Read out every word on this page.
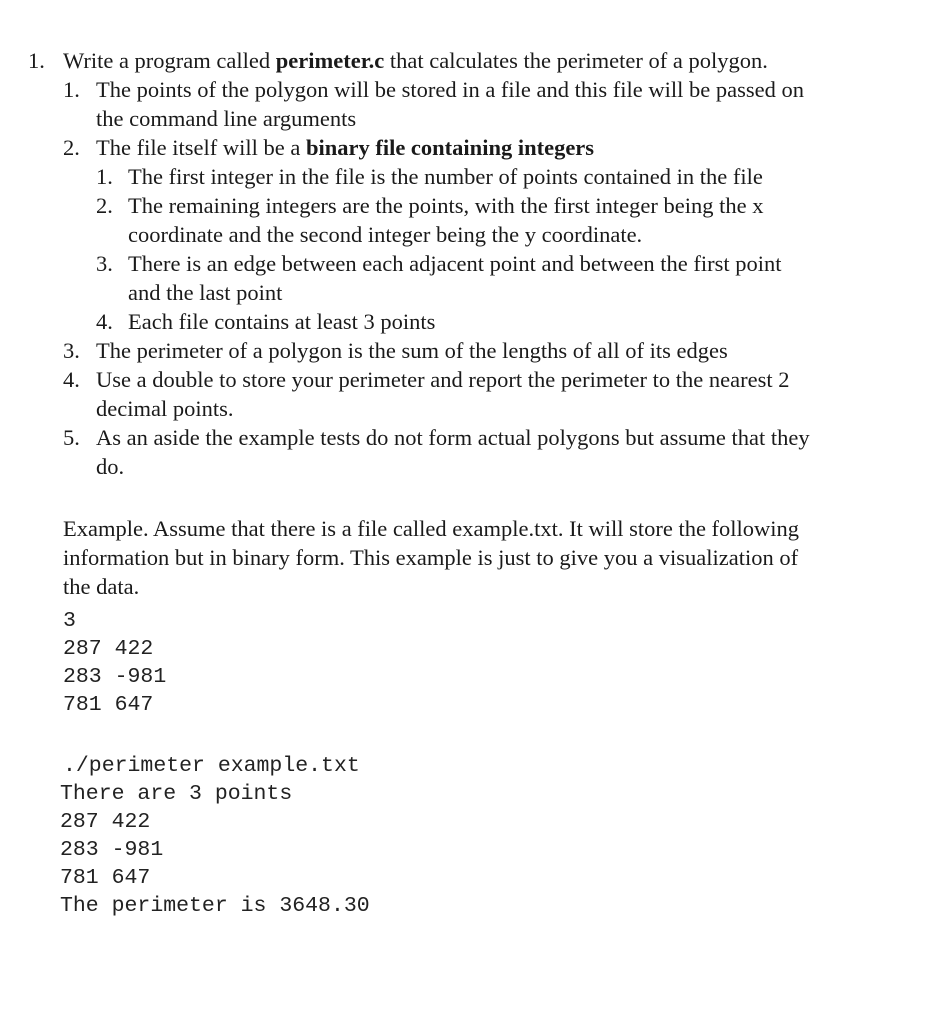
1. Write a program called perimeter.c that calculates the perimeter of a polygon.
1. The points of the polygon will be stored in a file and this file will be passed on
the command line arguments
2. The file itself will be a binary file containing integers
1. The first integer in the file is the number of points contained in the file
2. The remaining integers are the points, with the first integer being the x
coordinate and the second integer being the y coordinate.
3. There is an edge between each adjacent point and between the first point
and the last point
4. Each file contains at least 3 points
3. The perimeter of a polygon is the sum of the lengths of all of its edges
4. Use a double to store your perimeter and report the perimeter to the nearest 2
decimal points.
5. As an aside the example tests do not form actual polygons but assume that they
do.
Example. Assume that there is a file called example.txt. It will store the following
information but in binary form. This example is just to give you a visualization of
the data.
3
287 422
283 -981
781 647
./perimeter example.txt
There are 3 points
287 422
283 -981
781 647
The perimeter is 3648.30
